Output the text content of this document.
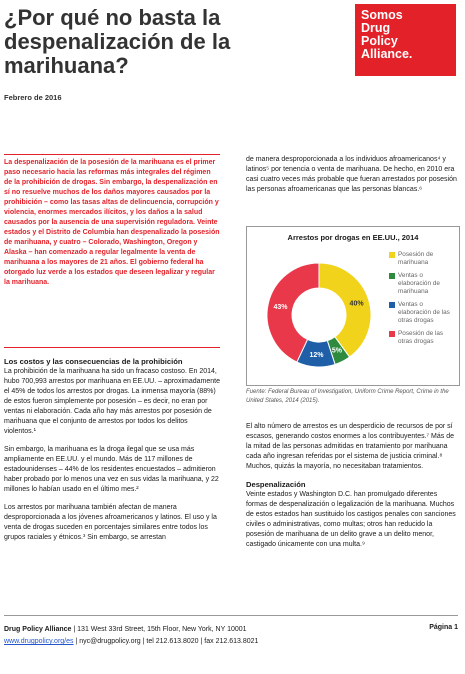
¿Por qué no basta la despenalización de la marihuana?
Somos
Drug
Policy
Alliance.
Febrero de 2016
La despenalización de la posesión de la marihuana es el primer paso necesario hacia las reformas más integrales del régimen de la prohibición de drogas. Sin embargo, la despenalización en sí no resuelve muchos de los daños mayores causados por la prohibición – como las tasas altas de delincuencia, corrupción y violencia, enormes mercados ilícitos, y los daños a la salud causados por la ausencia de una supervisión reguladora. Veinte estados y el Distrito de Columbia han despenalizado la posesión de marihuana, y cuatro – Colorado, Washington, Oregon y Alaska – han comenzado a regular legalmente la venta de marihuana a los mayores de 21 años. El gobierno federal ha otorgado luz verde a los estados que deseen legalizar y regular la marihuana.
Los costos y las consecuencias de la prohibición

La prohibición de la marihuana ha sido un fracaso costoso. En 2014, hubo 700,993 arrestos por marihuana en EE.UU. – aproximadamente el 45% de todos los arrestos por drogas. La inmensa mayoría (88%) de estos fueron simplemente por posesión – es decir, no eran por ventas ni elaboración. Cada año hay más arrestos por posesión de marihuana que el conjunto de arrestos por todos los delitos violentos.¹

Sin embargo, la marihuana es la droga ilegal que se usa más ampliamente en EE.UU. y el mundo. Más de 117 millones de estadounidenses – 44% de los residentes encuestados – admitieron haber probado por lo menos una vez en sus vidas la marihuana, y 22 millones lo habían usado en el último mes.²

Los arrestos por marihuana también afectan de manera desproporcionada a los jóvenes afroamericanos y latinos. El uso y la venta de drogas suceden en porcentajes similares entre todos los grupos raciales y étnicos.³ Sin embargo, se arrestan

de manera desproporcionada a los individuos afroamericanos⁴ y latinos⁵ por tenencia o venta de marihuana. De hecho, en 2010 era casi cuatro veces más probable que fueran arrestados por posesión las personas afroamericanas que las personas blancas.⁶

Arrestos por drogas en EE.UU., 2014
40%
5%
12%
43%
Posesión de marihuana
Ventas o elaboración de marihuana
Ventas o elaboración de las otras drogas
Posesión de las otras drogas
Fuente: Federal Bureau of Investigation, Uniform Crime Report, Crime in the United States, 2014 (2015).

El alto número de arrestos es un desperdicio de recursos de por sí escasos, generando costos enormes a los contribuyentes.⁷ Más de la mitad de las personas admitidas en tratamiento por marihuana cada año ingresan referidas por el sistema de justicia criminal.⁸ Muchos, quizás la mayoría, no necesitaban tratamientos.

Despenalización

Veinte estados y Washington D.C. han promulgado diferentes formas de despenalización o legalización de la marihuana. Muchos de estos estados han sustituido los castigos penales con sanciones civiles o administrativas, como multas; otros han reducido la posesión de marihuana de un delito grave a un delito menor, castigado únicamente con una multa.⁹

Drug Policy Alliance | 131 West 33rd Street, 15th Floor, New York, NY 10001
www.drugpolicy.org/es | nyc@drugpolicy.org | tel 212.613.8020 | fax 212.613.8021
Página 1
